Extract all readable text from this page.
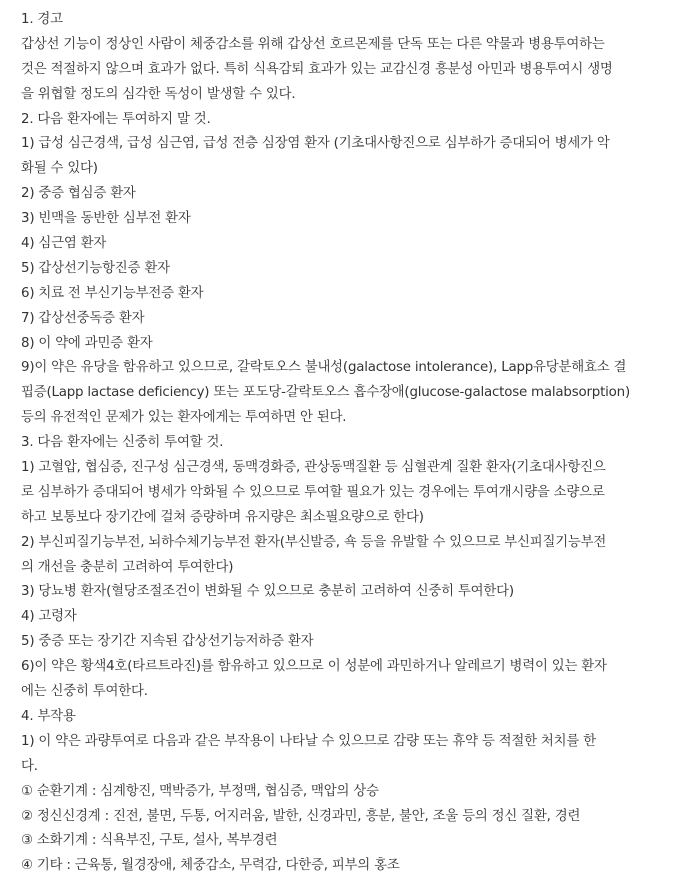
1. 경고
갑상선 기능이 정상인 사람이 체중감소를 위해 갑상선 호르몬제를 단독 또는 다른 약물과 병용투여하는
것은 적절하지 않으며 효과가 없다. 특히 식욕감퇴 효과가 있는 교감신경 흥분성 아민과 병용투여시 생명
을 위협할 정도의 심각한 독성이 발생할 수 있다.
2. 다음 환자에는 투여하지 말 것.
1) 급성 심근경색, 급성 심근염, 급성 전층 심장염 환자 (기초대사항진으로 심부하가 증대되어 병세가 악
화될 수 있다)
2) 중증 협심증 환자
3) 빈맥을 동반한 심부전 환자
4) 심근염 환자
5) 갑상선기능항진증 환자
6) 치료 전 부신기능부전증 환자
7) 갑상선중독증 환자
8) 이 약에 과민증 환자
9)이 약은 유당을 함유하고 있으므로, 갈락토오스 불내성(galactose intolerance), Lapp유당분해효소 결
핍증(Lapp lactase deficiency) 또는 포도당-갈락토오스 흡수장애(glucose-galactose malabsorption)
등의 유전적인 문제가 있는 환자에게는 투여하면 안 된다.
3. 다음 환자에는 신중히 투여할 것.
1) 고혈압, 협심증, 진구성 심근경색, 동맥경화증, 관상동맥질환 등 심혈관계 질환 환자(기초대사항진으
로 심부하가 증대되어 병세가 악화될 수 있으므로 투여할 필요가 있는 경우에는 투여개시량을 소량으로
하고 보통보다 장기간에 걸쳐 증량하며 유지량은 최소필요량으로 한다)
2) 부신피질기능부전, 뇌하수체기능부전 환자(부신발증, 쇽 등을 유발할 수 있으므로 부신피질기능부전
의 개선을 충분히 고려하여 투여한다)
3) 당뇨병 환자(혈당조절조건이 변화될 수 있으므로 충분히 고려하여 신중히 투여한다)
4) 고령자
5) 중증 또는 장기간 지속된 갑상선기능저하증 환자
6)이 약은 황색4호(타르트라진)를 함유하고 있으므로 이 성분에 과민하거나 알레르기 병력이 있는 환자
에는 신중히 투여한다.
4. 부작용
1) 이 약은 과량투여로 다음과 같은 부작용이 나타날 수 있으므로 감량 또는 휴약 등 적절한 처치를 한
다.
① 순환기계 : 심계항진, 맥박증가, 부정맥, 협심증, 맥압의 상승
② 정신신경계 : 진전, 불면, 두통, 어지러움, 발한, 신경과민, 흥분, 불안, 조울 등의 정신 질환, 경련
③ 소화기계 : 식욕부진, 구토, 설사, 복부경련
④ 기타 : 근육통, 월경장애, 체중감소, 무력감, 다한증, 피부의 홍조
